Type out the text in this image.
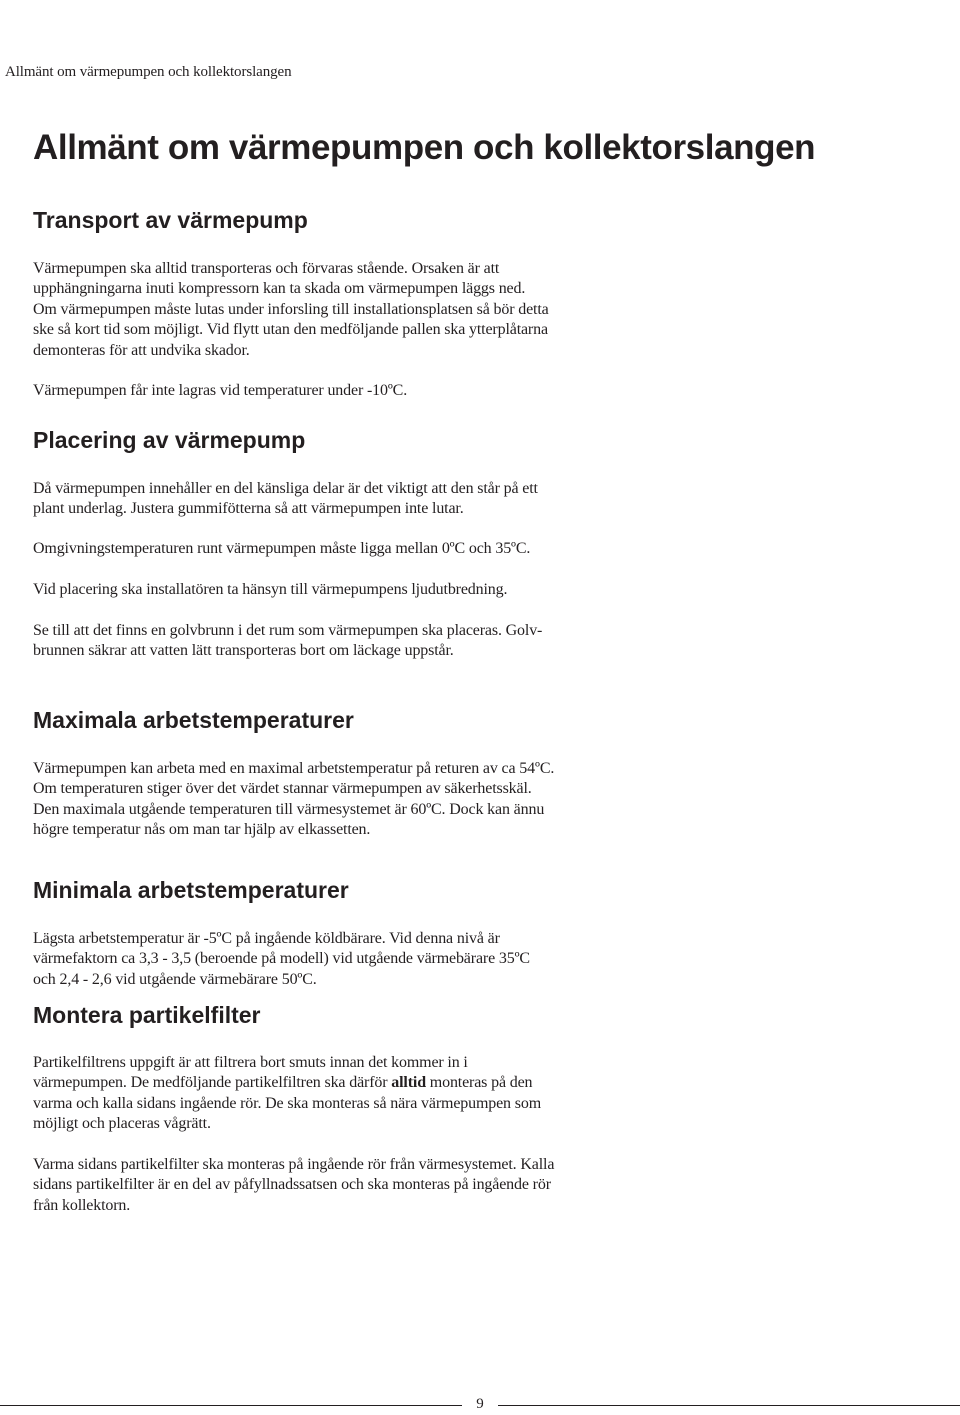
Allmänt om värmepumpen och kollektorslangen
Allmänt om värmepumpen och kollektorslangen
Transport av värmepump
Värmepumpen ska alltid transporteras och förvaras stående. Orsaken är att
upphängningarna inuti kompressorn kan ta skada om värmepumpen läggs ned.
Om värmepumpen måste lutas under inforsling till installationsplatsen så bör detta
ske så kort tid som möjligt. Vid flytt utan den medföljande pallen ska ytterplåtarna
demonteras för att undvika skador.
Värmepumpen får inte lagras vid temperaturer under -10ºC.
Placering av värmepump
Då värmepumpen innehåller en del känsliga delar är det viktigt att den står på ett
plant underlag. Justera gummifötterna så att värmepumpen inte lutar.
Omgivningstemperaturen runt värmepumpen måste ligga mellan 0ºC och 35ºC.
Vid placering ska installatören ta hänsyn till värmepumpens ljudutbredning.
Se till att det finns en golvbrunn i det rum som värmepumpen ska placeras. Golv-
brunnen säkrar att vatten lätt transporteras bort om läckage uppstår.
Maximala arbetstemperaturer
Värmepumpen kan arbeta med en maximal arbetstemperatur på returen av ca 54ºC.
Om temperaturen stiger över det värdet stannar värmepumpen av säkerhetsskäl.
Den maximala utgående temperaturen till värmesystemet är 60ºC. Dock kan ännu
högre temperatur nås om man tar hjälp av elkassetten.
Minimala arbetstemperaturer
Lägsta arbetstemperatur är -5ºC på ingående köldbärare. Vid denna nivå är
värmefaktorn ca 3,3 - 3,5 (beroende på modell) vid utgående värmebärare 35ºC
och 2,4 - 2,6 vid utgående värmebärare 50ºC.
Montera partikelfilter
Partikelfiltrens uppgift är att filtrera bort smuts innan det kommer in i
värmepumpen. De medföljande partikelfiltren ska därför alltid monteras på den
varma och kalla sidans ingående rör. De ska monteras så nära värmepumpen som
möjligt och placeras vågrätt.
Varma sidans partikelfilter ska monteras på ingående rör från värmesystemet. Kalla
sidans partikelfilter är en del av påfyllnadssatsen och ska monteras på ingående rör
från kollektorn.
9
